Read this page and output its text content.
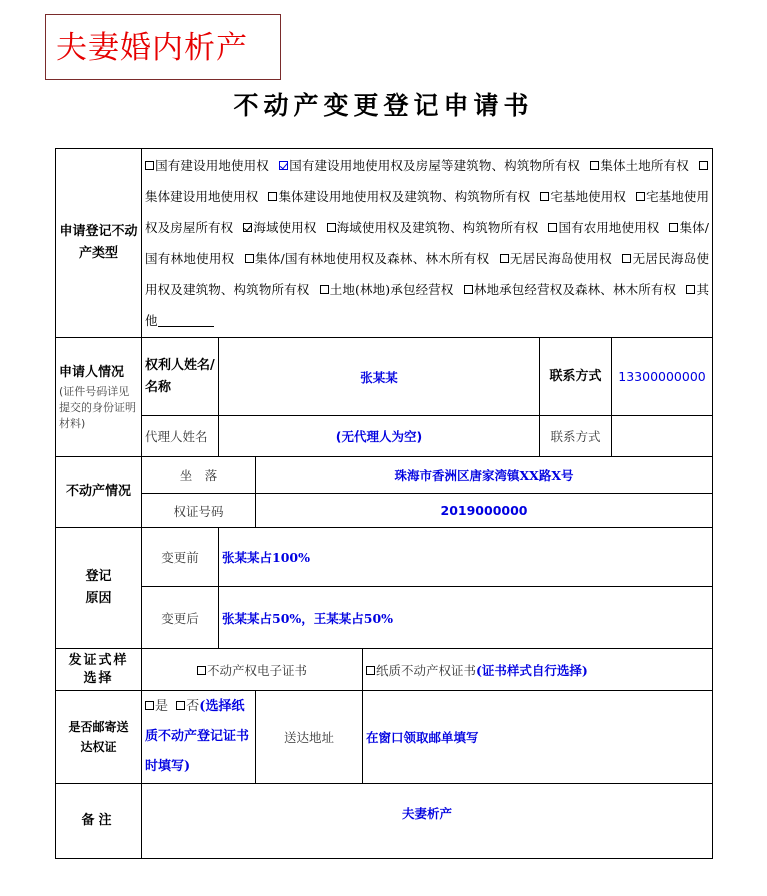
夫妻婚内析产
不动产变更登记申请书
申请登记不动产类型	国有建设用地使用权 国有建设用地使用权及房屋等建筑物、构筑物所有权 集体土地所有权 集体建设用地使用权 集体建设用地使用权及建筑物、构筑物所有权 宅基地使用权 宅基地使用权及房屋所有权 海域使用权 海域使用权及建筑物、构筑物所有权 国有农用地使用权 集体/国有林地使用权 集体/国有林地使用权及森林、林木所有权 无居民海岛使用权 无居民海岛使用权及建筑物、构筑物所有权 土地(林地)承包经营权 林地承包经营权及森林、林木所有权 其他					
申请人情况
(证件号码详见提交的身份证明材料)	权利人姓名/名称	张某某			联系方式	13300000000
	代理人姓名	(无代理人为空)			联系方式	
不动产情况	坐　落		珠海市香洲区唐家湾镇XX路X号			
	权证号码		2019000000			
登记
原因	变更前	张某某占100%				
	变更后	张某某占50%，王某某占50%				
发证式样
选择	不动产权电子证书			纸质不动产权证书(证书样式自行选择)		
是否邮寄送
达权证	是 否(选择纸质不动产登记证书时填写)		送达地址	在窗口领取邮单填写		
备注	夫妻析产					
